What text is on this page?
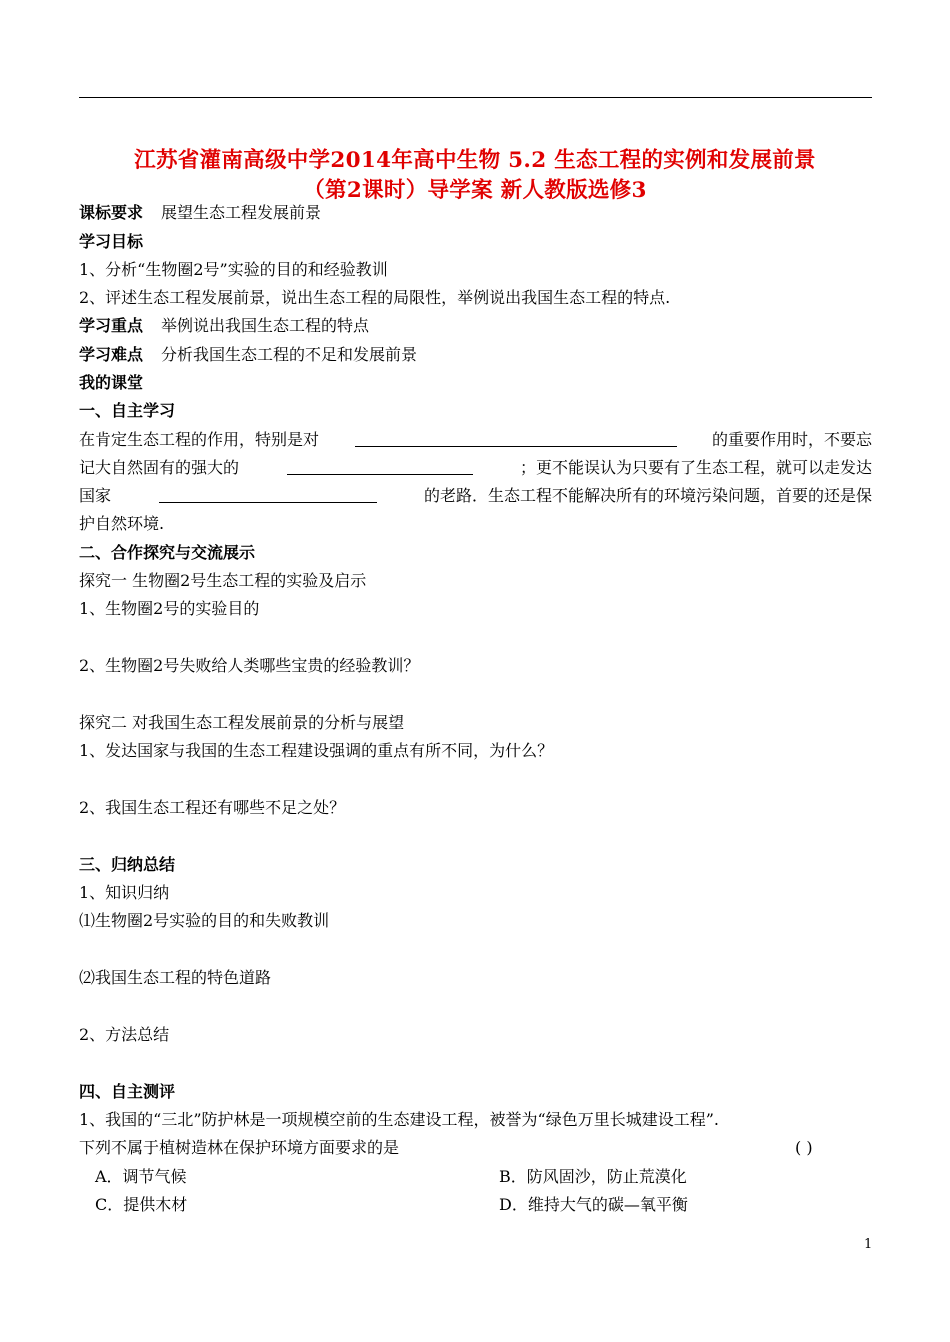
江苏省灌南高级中学2014年高中生物 5.2 生态工程的实例和发展前景
（第2课时）导学案 新人教版选修3
课标要求 展望生态工程发展前景
学习目标
1、分析“生物圈2号”实验的目的和经验教训
2、评述生态工程发展前景，说出生态工程的局限性，举例说出我国生态工程的特点.
学习重点 举例说出我国生态工程的特点
学习难点 分析我国生态工程的不足和发展前景
我的课堂
一、自主学习
在肯定生态工程的作用，特别是对	的重要作用时，不要忘
记大自然固有的强大的	；更不能误认为只要有了生态工程，就可以走发达
国家	的老路．生态工程不能解决所有的环境污染问题，首要的还是保
护自然环境.
二、合作探究与交流展示
探究一 生物圈2号生态工程的实验及启示
1、生物圈2号的实验目的
2、生物圈2号失败给人类哪些宝贵的经验教训？
探究二 对我国生态工程发展前景的分析与展望
1、发达国家与我国的生态工程建设强调的重点有所不同，为什么？
2、我国生态工程还有哪些不足之处？
三、归纳总结
1、知识归纳
⑴生物圈2号实验的目的和失败教训
⑵我国生态工程的特色道路
2、方法总结
四、自主测评
1、我国的“三北”防护林是一项规模空前的生态建设工程，被誉为“绿色万里长城建设工程”.
下列不属于植树造林在保护环境方面要求的是	( )
A．调节气候	B．防风固沙，防止荒漠化
C．提供木材	D．维持大气的碳—氧平衡
1
